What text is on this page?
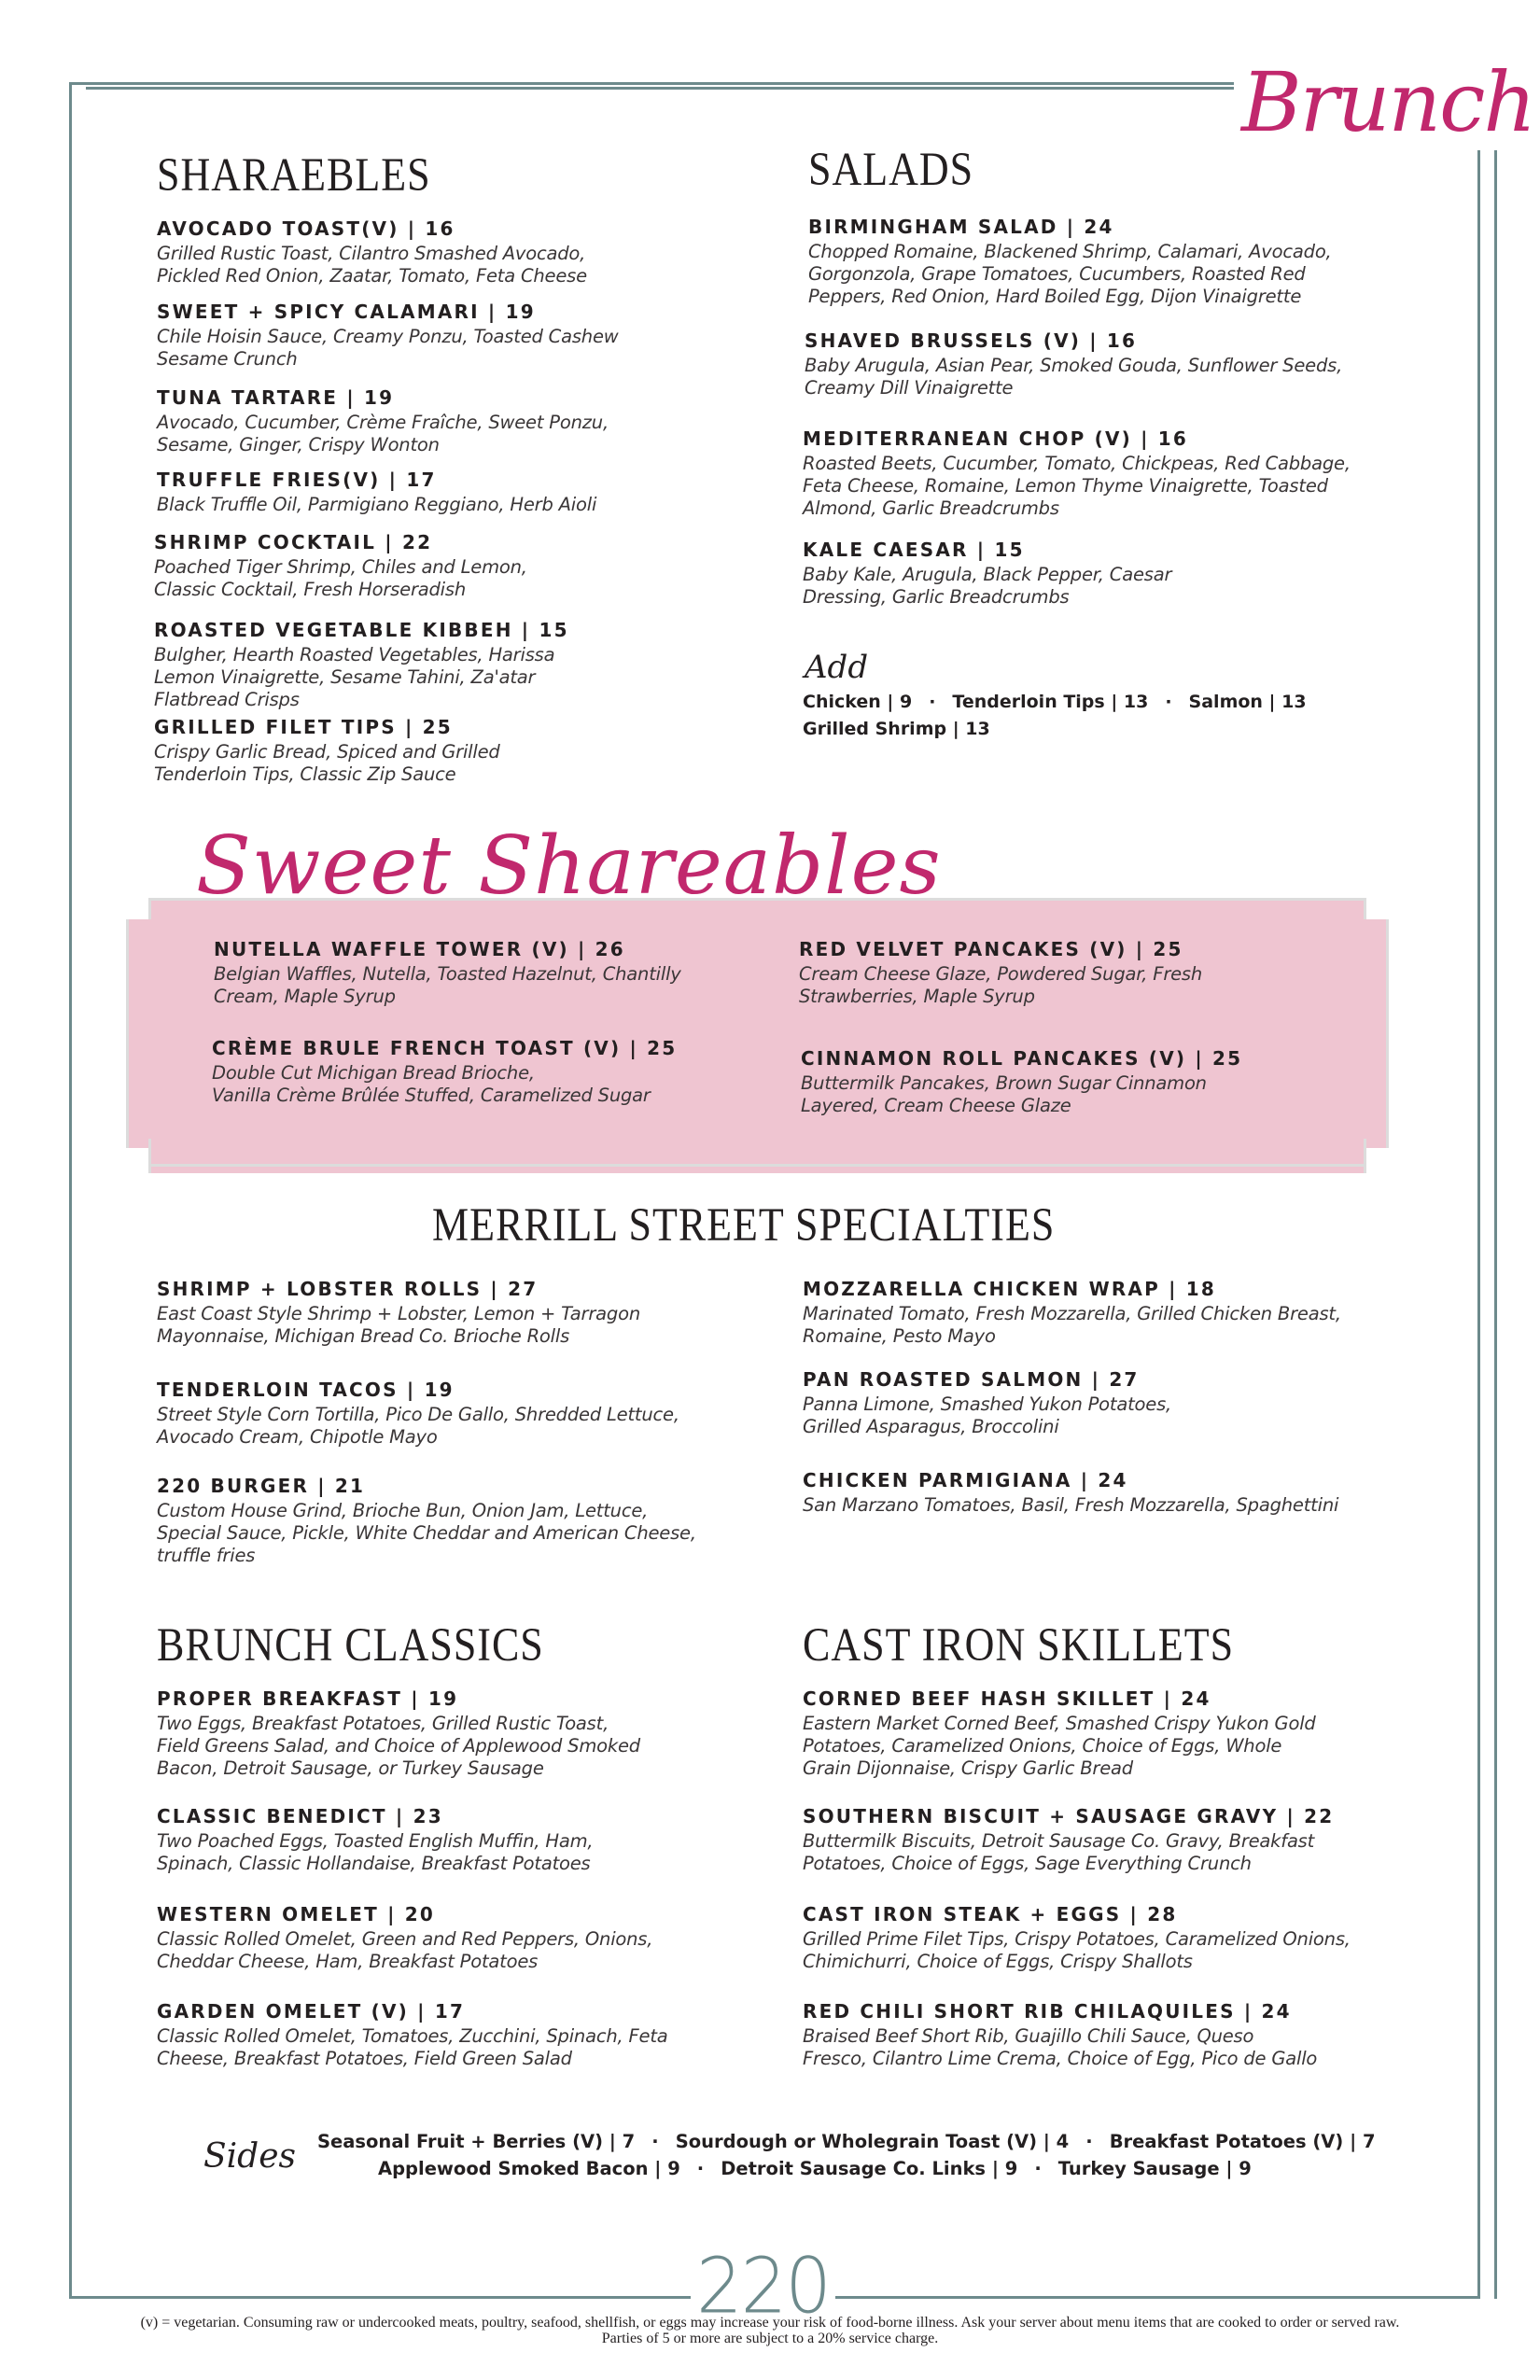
Brunch
SHARAEBLES
AVOCADO TOAST(V) | 16
Grilled Rustic Toast, Cilantro Smashed Avocado,
Pickled Red Onion, Zaatar, Tomato, Feta Cheese
SWEET + SPICY CALAMARI | 19
Chile Hoisin Sauce, Creamy Ponzu, Toasted Cashew
Sesame Crunch
TUNA TARTARE | 19
Avocado, Cucumber, Crème Fraîche, Sweet Ponzu,
Sesame, Ginger, Crispy Wonton
TRUFFLE FRIES(V) | 17
Black Truffle Oil, Parmigiano Reggiano, Herb Aioli
SHRIMP COCKTAIL | 22
Poached Tiger Shrimp, Chiles and Lemon,
Classic Cocktail, Fresh Horseradish
ROASTED VEGETABLE KIBBEH | 15
Bulgher, Hearth Roasted Vegetables, Harissa
Lemon Vinaigrette, Sesame Tahini, Za'atar
Flatbread Crisps
GRILLED FILET TIPS | 25
Crispy Garlic Bread, Spiced and Grilled
Tenderloin Tips, Classic Zip Sauce
SALADS
BIRMINGHAM SALAD | 24
Chopped Romaine, Blackened Shrimp, Calamari, Avocado,
Gorgonzola, Grape Tomatoes, Cucumbers, Roasted Red
Peppers, Red Onion, Hard Boiled Egg, Dijon Vinaigrette
SHAVED BRUSSELS (V) | 16
Baby Arugula, Asian Pear, Smoked Gouda, Sunflower Seeds,
Creamy Dill Vinaigrette
MEDITERRANEAN CHOP (V) | 16
Roasted Beets, Cucumber, Tomato, Chickpeas, Red Cabbage,
Feta Cheese, Romaine, Lemon Thyme Vinaigrette, Toasted
Almond, Garlic Breadcrumbs
KALE CAESAR | 15
Baby Kale, Arugula, Black Pepper, Caesar
Dressing, Garlic Breadcrumbs
Add
Chicken | 9 · Tenderloin Tips | 13 · Salmon | 13
Grilled Shrimp | 13
Sweet Shareables
NUTELLA WAFFLE TOWER (V) | 26
Belgian Waffles, Nutella, Toasted Hazelnut, Chantilly
Cream, Maple Syrup
CRÈME BRULE FRENCH TOAST (V) | 25
Double Cut Michigan Bread Brioche,
Vanilla Crème Brûlée Stuffed, Caramelized Sugar
RED VELVET PANCAKES (V) | 25
Cream Cheese Glaze, Powdered Sugar, Fresh
Strawberries, Maple Syrup
CINNAMON ROLL PANCAKES (V) | 25
Buttermilk Pancakes, Brown Sugar Cinnamon
Layered, Cream Cheese Glaze
MERRILL STREET SPECIALTIES
SHRIMP + LOBSTER ROLLS | 27
East Coast Style Shrimp + Lobster, Lemon + Tarragon
Mayonnaise, Michigan Bread Co. Brioche Rolls
TENDERLOIN TACOS | 19
Street Style Corn Tortilla, Pico De Gallo, Shredded Lettuce,
Avocado Cream, Chipotle Mayo
220 BURGER | 21
Custom House Grind, Brioche Bun, Onion Jam, Lettuce,
Special Sauce, Pickle, White Cheddar and American Cheese,
truffle fries
MOZZARELLA CHICKEN WRAP | 18
Marinated Tomato, Fresh Mozzarella, Grilled Chicken Breast,
Romaine, Pesto Mayo
PAN ROASTED SALMON | 27
Panna Limone, Smashed Yukon Potatoes,
Grilled Asparagus, Broccolini
CHICKEN PARMIGIANA | 24
San Marzano Tomatoes, Basil, Fresh Mozzarella, Spaghettini
BRUNCH CLASSICS
PROPER BREAKFAST | 19
Two Eggs, Breakfast Potatoes, Grilled Rustic Toast,
Field Greens Salad, and Choice of Applewood Smoked
Bacon, Detroit Sausage, or Turkey Sausage
CLASSIC BENEDICT | 23
Two Poached Eggs, Toasted English Muffin, Ham,
Spinach, Classic Hollandaise, Breakfast Potatoes
WESTERN OMELET | 20
Classic Rolled Omelet, Green and Red Peppers, Onions,
Cheddar Cheese, Ham, Breakfast Potatoes
GARDEN OMELET (V) | 17
Classic Rolled Omelet, Tomatoes, Zucchini, Spinach, Feta
Cheese, Breakfast Potatoes, Field Green Salad
CAST IRON SKILLETS
CORNED BEEF HASH SKILLET | 24
Eastern Market Corned Beef, Smashed Crispy Yukon Gold
Potatoes, Caramelized Onions, Choice of Eggs, Whole
Grain Dijonnaise, Crispy Garlic Bread
SOUTHERN BISCUIT + SAUSAGE GRAVY | 22
Buttermilk Biscuits, Detroit Sausage Co. Gravy, Breakfast
Potatoes, Choice of Eggs, Sage Everything Crunch
CAST IRON STEAK + EGGS | 28
Grilled Prime Filet Tips, Crispy Potatoes, Caramelized Onions,
Chimichurri, Choice of Eggs, Crispy Shallots
RED CHILI SHORT RIB CHILAQUILES | 24
Braised Beef Short Rib, Guajillo Chili Sauce, Queso
Fresco, Cilantro Lime Crema, Choice of Egg, Pico de Gallo
Sides Seasonal Fruit + Berries (V) | 7 · Sourdough or Wholegrain Toast (V) | 4 · Breakfast Potatoes (V) | 7
Applewood Smoked Bacon | 9 · Detroit Sausage Co. Links | 9 · Turkey Sausage | 9
220
(v) = vegetarian. Consuming raw or undercooked meats, poultry, seafood, shellfish, or eggs may increase your risk of food-borne illness. Ask your server about menu items that are cooked to order or served raw.
Parties of 5 or more are subject to a 20% service charge.
